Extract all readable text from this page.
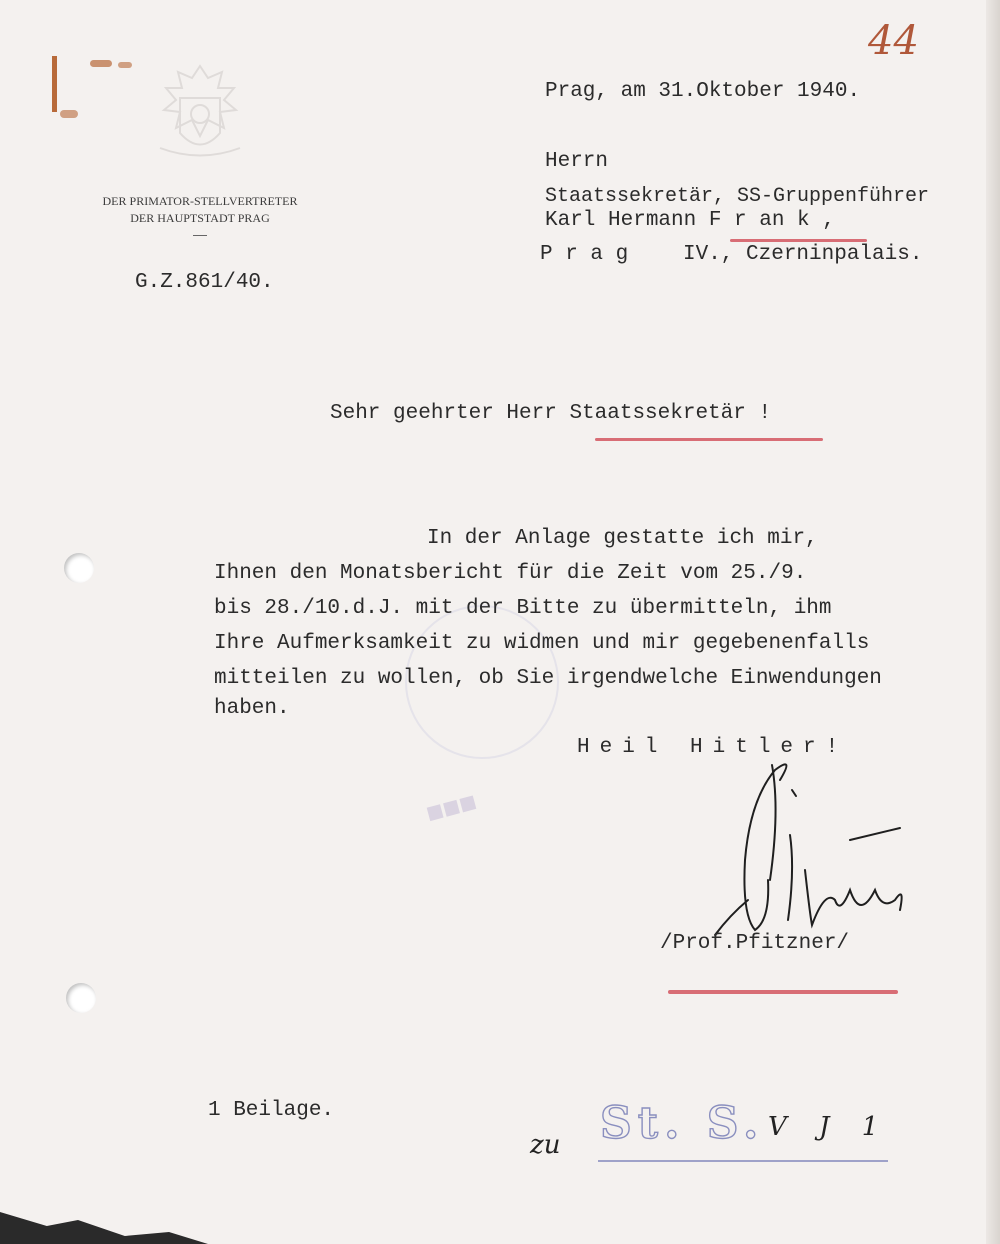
DER PRIMATOR-STELLVERTRETER
DER HAUPTSTADT PRAG
44
G.Z.861/40.
Prag, am 31.Oktober 1940.
Herrn
Staatssekretär, SS-Gruppenführer
Karl Hermann F r an k ,
P r a g	IV., Czerninpalais.
Sehr geehrter Herr Staatssekretär !
In der Anlage gestatte ich mir,
Ihnen den Monatsbericht für die Zeit vom 25./9.
bis 28./10.d.J. mit der Bitte zu übermitteln, ihm
Ihre Aufmerksamkeit zu widmen und mir gegebenenfalls
mitteilen zu wollen, ob Sie irgendwelche Einwendungen
haben.
Heil Hitler!
/Prof.Pfitzner/
■■■
1 Beilage.
zu St. S. V J 1
